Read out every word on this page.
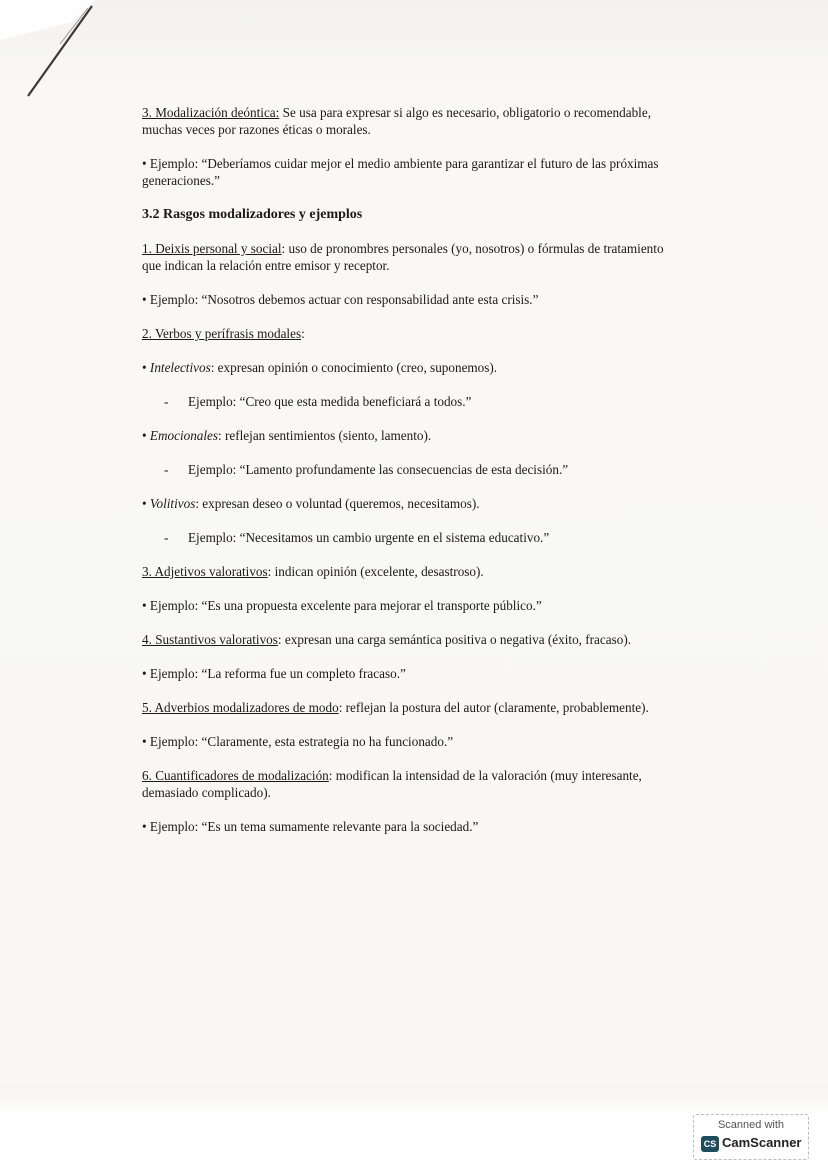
3. Modalización deóntica: Se usa para expresar si algo es necesario, obligatorio o recomendable, muchas veces por razones éticas o morales.

• Ejemplo: “Deberíamos cuidar mejor el medio ambiente para garantizar el futuro de las próximas generaciones.”

3.2 Rasgos modalizadores y ejemplos

1. Deixis personal y social: uso de pronombres personales (yo, nosotros) o fórmulas de tratamiento que indican la relación entre emisor y receptor.

• Ejemplo: “Nosotros debemos actuar con responsabilidad ante esta crisis.”

2. Verbos y perífrasis modales:

• Intelectivos: expresan opinión o conocimiento (creo, suponemos).

- Ejemplo: “Creo que esta medida beneficiará a todos.”

• Emocionales: reflejan sentimientos (siento, lamento).

- Ejemplo: “Lamento profundamente las consecuencias de esta decisión.”

• Volitivos: expresan deseo o voluntad (queremos, necesitamos).

- Ejemplo: “Necesitamos un cambio urgente en el sistema educativo.”

3. Adjetivos valorativos: indican opinión (excelente, desastroso).

• Ejemplo: “Es una propuesta excelente para mejorar el transporte público.”

4. Sustantivos valorativos: expresan una carga semántica positiva o negativa (éxito, fracaso).

• Ejemplo: “La reforma fue un completo fracaso.”

5. Adverbios modalizadores de modo: reflejan la postura del autor (claramente, probablemente).

• Ejemplo: “Claramente, esta estrategia no ha funcionado.”

6. Cuantificadores de modalización: modifican la intensidad de la valoración (muy interesante, demasiado complicado).

• Ejemplo: “Es un tema sumamente relevante para la sociedad.”

Scanned with
CS CamScanner
